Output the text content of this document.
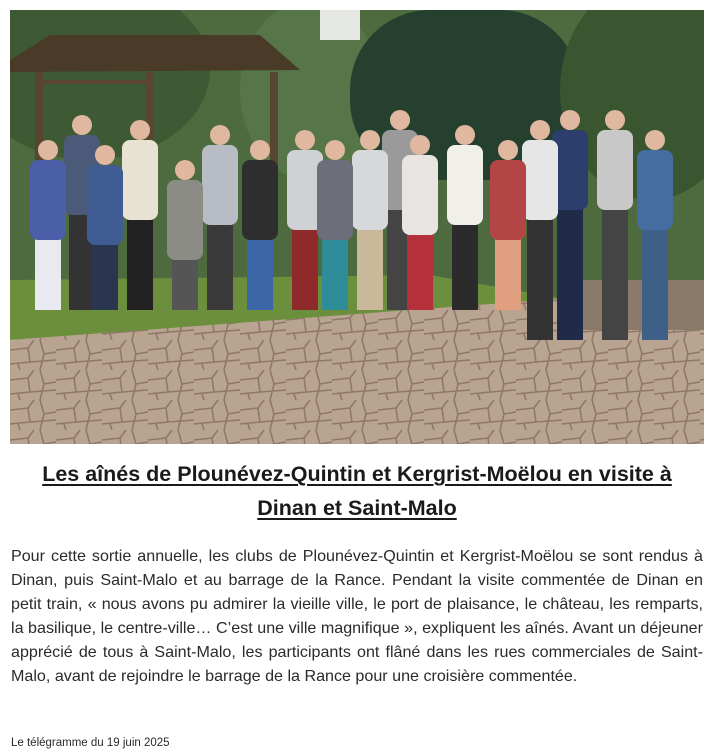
Les aînés de Plounévez-Quintin et Kergrist-Moëlou en visite à Dinan et Saint-Malo

Pour cette sortie annuelle, les clubs de Plounévez-Quintin et Kergrist-Moëlou se sont rendus à Dinan, puis Saint-Malo et au barrage de la Rance. Pendant la visite commentée de Dinan en petit train, « nous avons pu admirer la vieille ville, le port de plaisance, le château, les remparts, la basilique, le centre-ville… C’est une ville magnifique », expliquent les aînés. Avant un déjeuner apprécié de tous à Saint-Malo, les participants ont flâné dans les rues commerciales de Saint-Malo, avant de rejoindre le barrage de la Rance pour une croisière commentée.

Le télégramme du 19 juin 2025
